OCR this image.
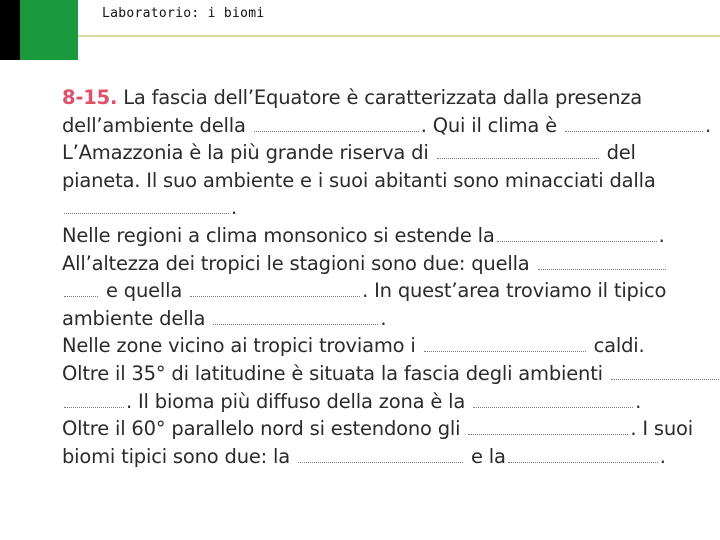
Laboratorio: i biomi
8-15. La fascia dell’Equatore è caratterizzata dalla presenza
dell’ambiente della	. Qui il clima è	.
L’Amazzonia è la più grande riserva di	del
pianeta. Il suo ambiente e i suoi abitanti sono minacciati dalla
.
Nelle regioni a clima monsonico si estende la	.
All’altezza dei tropici le stagioni sono due: quella
e quella	. In quest’area troviamo il tipico
ambiente della	.
Nelle zone vicino ai tropici troviamo i	caldi.
Oltre il 35° di latitudine è situata la fascia degli ambienti
. Il bioma più diffuso della zona è la	.
Oltre il 60° parallelo nord si estendono gli	. I suoi
biomi tipici sono due: la	e la	.
